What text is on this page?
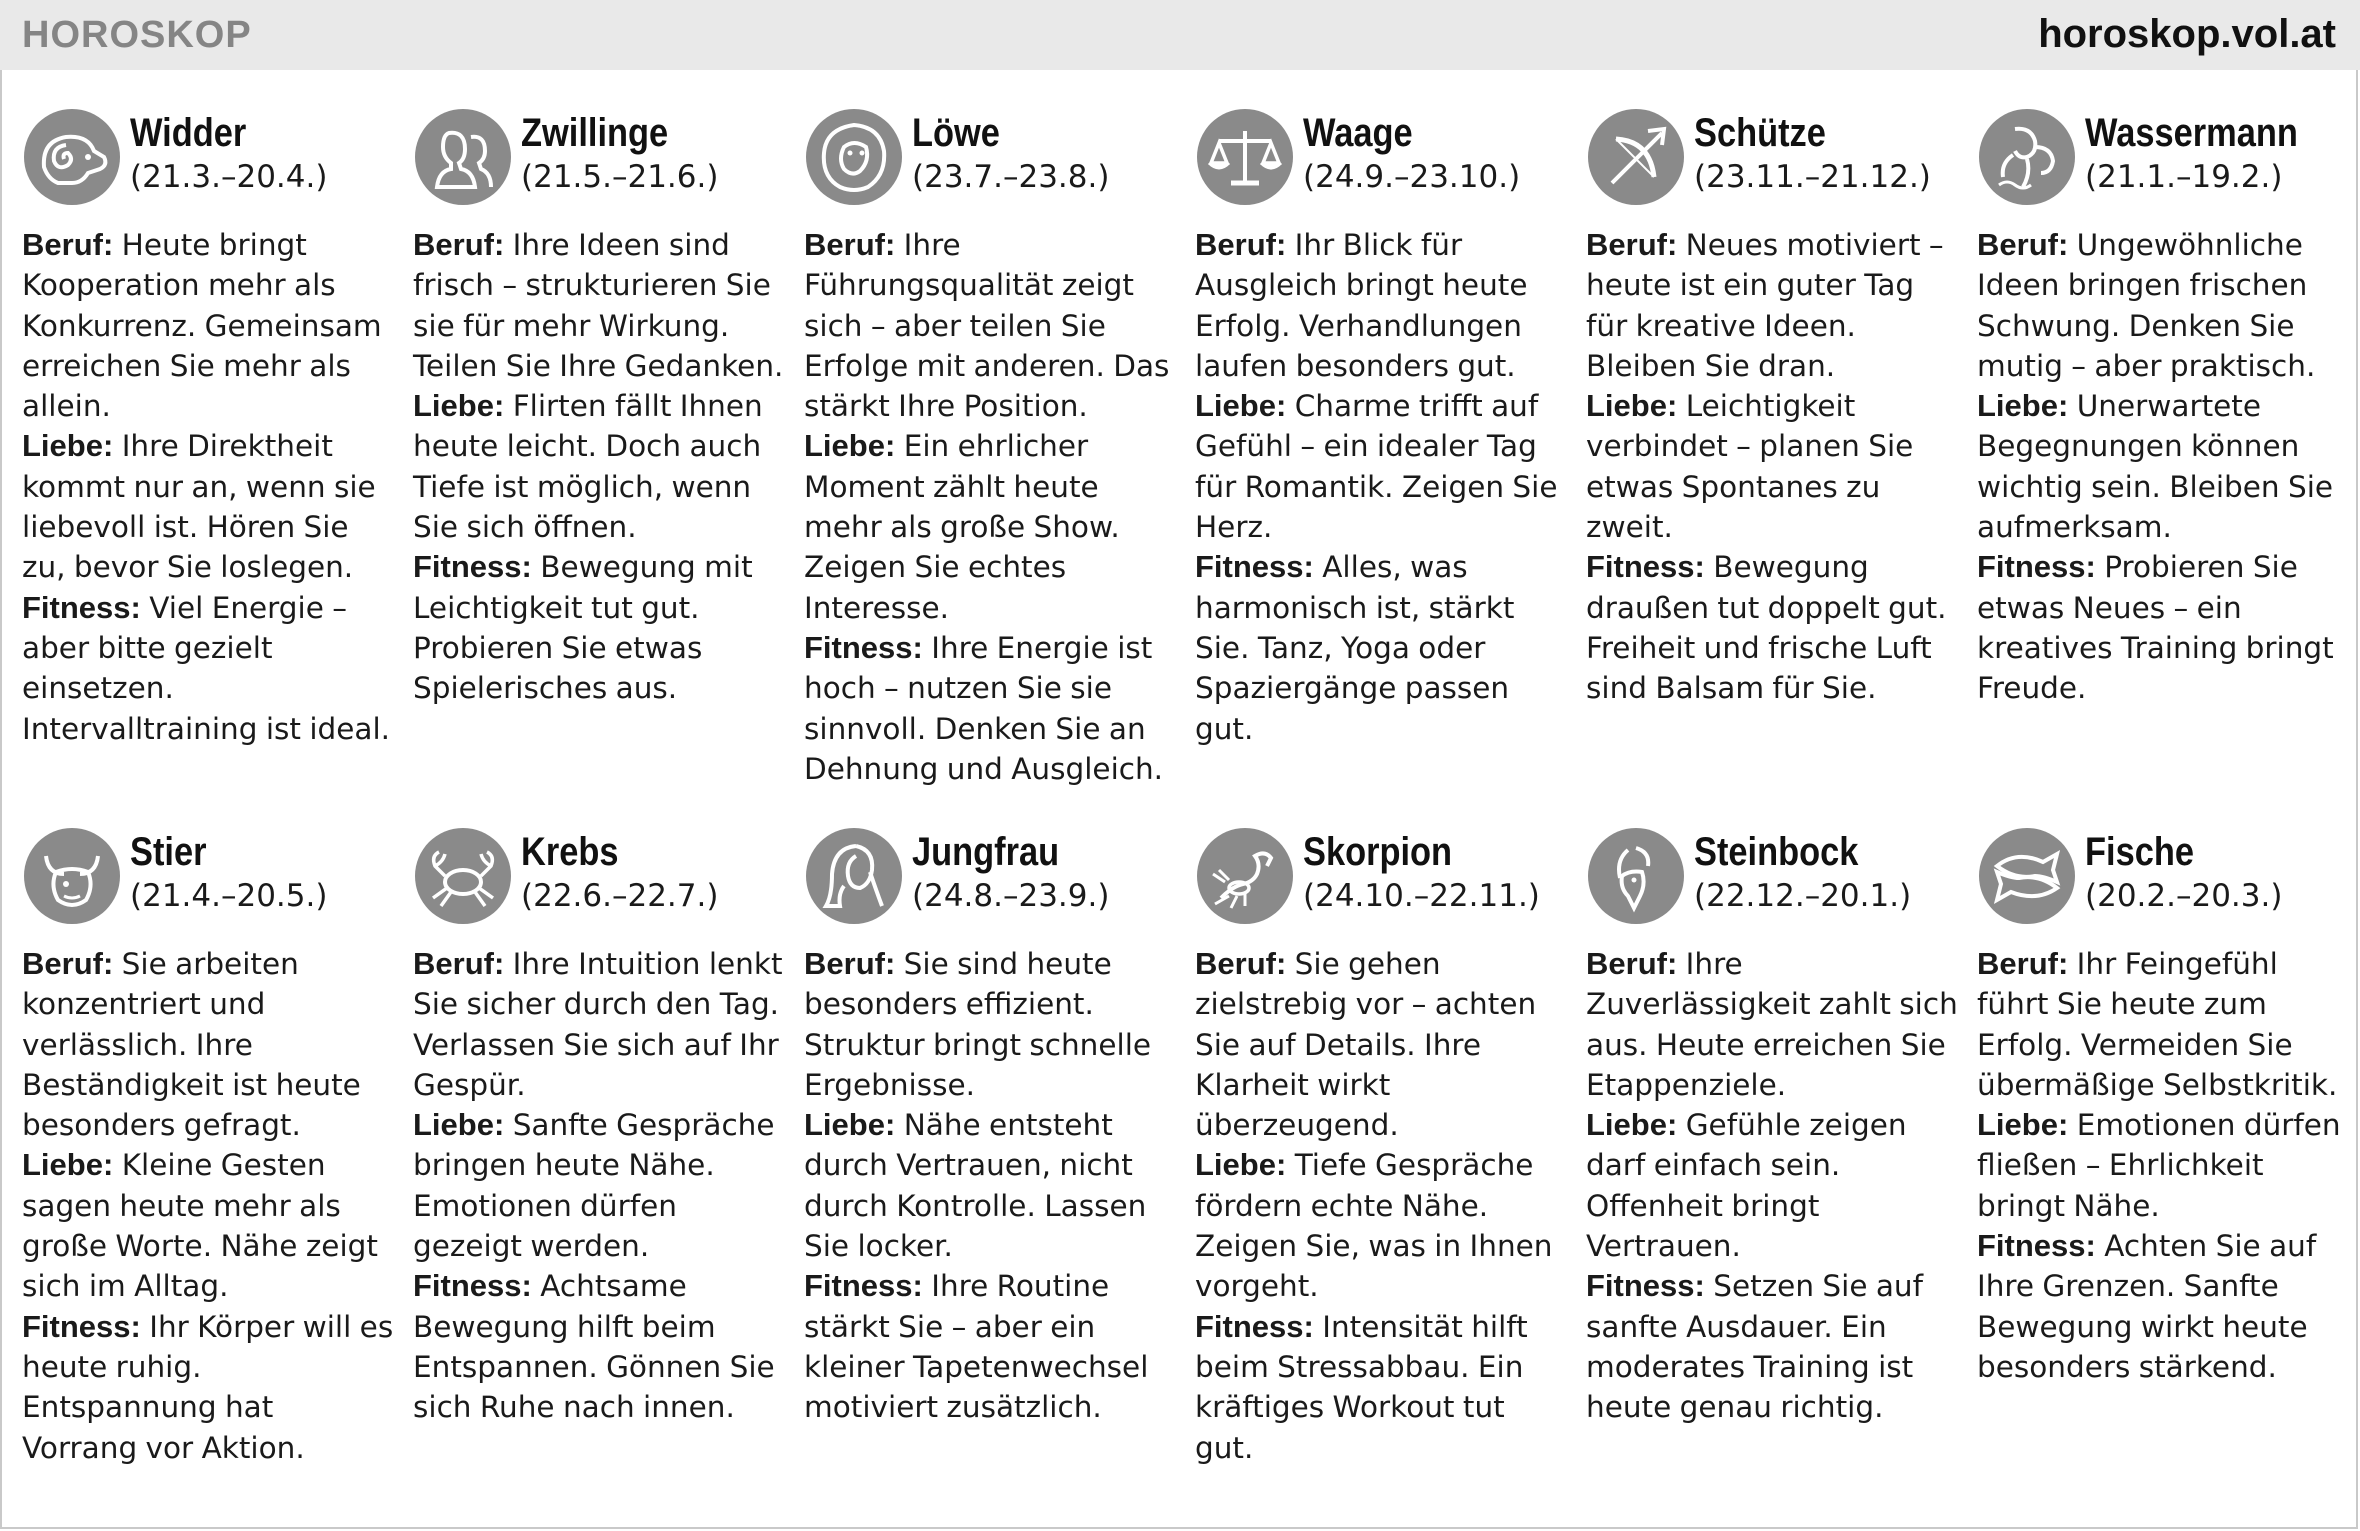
HOROSKOP	horoskop.vol.at
Widder
(21.3.–20.4.)

Beruf: Heute bringt Kooperation mehr als Konkurrenz. Gemeinsam erreichen Sie mehr als allein.

Liebe: Ihre Direktheit kommt nur an, wenn sie liebevoll ist. Hören Sie zu, bevor Sie loslegen.

Fitness: Viel Energie – aber bitte gezielt einsetzen. Intervalltraining ist ideal.

Zwillinge
(21.5.–21.6.)

Beruf: Ihre Ideen sind frisch – strukturieren Sie sie für mehr Wirkung. Teilen Sie Ihre Gedanken.

Liebe: Flirten fällt Ihnen heute leicht. Doch auch Tiefe ist möglich, wenn Sie sich öffnen.

Fitness: Bewegung mit Leichtigkeit tut gut. Probieren Sie etwas Spielerisches aus.

Löwe
(23.7.–23.8.)

Beruf: Ihre Führungsqualität zeigt sich – aber teilen Sie Erfolge mit anderen. Das stärkt Ihre Position.

Liebe: Ein ehrlicher Moment zählt heute mehr als große Show. Zeigen Sie echtes Interesse.

Fitness: Ihre Energie ist hoch – nutzen Sie sie sinnvoll. Denken Sie an Dehnung und Ausgleich.

Waage
(24.9.–23.10.)

Beruf: Ihr Blick für Ausgleich bringt heute Erfolg. Verhandlungen laufen besonders gut.

Liebe: Charme trifft auf Gefühl – ein idealer Tag für Romantik. Zeigen Sie Herz.

Fitness: Alles, was harmonisch ist, stärkt Sie. Tanz, Yoga oder Spaziergänge passen gut.

Schütze
(23.11.–21.12.)

Beruf: Neues motiviert – heute ist ein guter Tag für kreative Ideen. Bleiben Sie dran.

Liebe: Leichtigkeit verbindet – planen Sie etwas Spontanes zu zweit.

Fitness: Bewegung draußen tut doppelt gut. Freiheit und frische Luft sind Balsam für Sie.

Wassermann
(21.1.–19.2.)

Beruf: Ungewöhnliche Ideen bringen frischen Schwung. Denken Sie mutig – aber praktisch.

Liebe: Unerwartete Begegnungen können wichtig sein. Bleiben Sie aufmerksam.

Fitness: Probieren Sie etwas Neues – ein kreatives Training bringt Freude.

Stier
(21.4.–20.5.)

Beruf: Sie arbeiten konzentriert und verlässlich. Ihre Beständigkeit ist heute besonders gefragt.

Liebe: Kleine Gesten sagen heute mehr als große Worte. Nähe zeigt sich im Alltag.

Fitness: Ihr Körper will es heute ruhig. Entspannung hat Vorrang vor Aktion.

Krebs
(22.6.–22.7.)

Beruf: Ihre Intuition lenkt Sie sicher durch den Tag. Verlassen Sie sich auf Ihr Gespür.

Liebe: Sanfte Gespräche bringen heute Nähe. Emotionen dürfen gezeigt werden.

Fitness: Achtsame Bewegung hilft beim Entspannen. Gönnen Sie sich Ruhe nach innen.

Jungfrau
(24.8.–23.9.)

Beruf: Sie sind heute besonders effizient. Struktur bringt schnelle Ergebnisse.

Liebe: Nähe entsteht durch Vertrauen, nicht durch Kontrolle. Lassen Sie locker.

Fitness: Ihre Routine stärkt Sie – aber ein kleiner Tapetenwechsel motiviert zusätzlich.

Skorpion
(24.10.–22.11.)

Beruf: Sie gehen zielstrebig vor – achten Sie auf Details. Ihre Klarheit wirkt überzeugend.

Liebe: Tiefe Gespräche fördern echte Nähe. Zeigen Sie, was in Ihnen vorgeht.

Fitness: Intensität hilft beim Stressabbau. Ein kräftiges Workout tut gut.

Steinbock
(22.12.–20.1.)

Beruf: Ihre Zuverlässigkeit zahlt sich aus. Heute erreichen Sie Etappenziele.

Liebe: Gefühle zeigen darf einfach sein. Offenheit bringt Vertrauen.

Fitness: Setzen Sie auf sanfte Ausdauer. Ein moderates Training ist heute genau richtig.

Fische
(20.2.–20.3.)

Beruf: Ihr Feingefühl führt Sie heute zum Erfolg. Vermeiden Sie übermäßige Selbstkritik.

Liebe: Emotionen dürfen fließen – Ehrlichkeit bringt Nähe.

Fitness: Achten Sie auf Ihre Grenzen. Sanfte Bewegung wirkt heute besonders stärkend.
